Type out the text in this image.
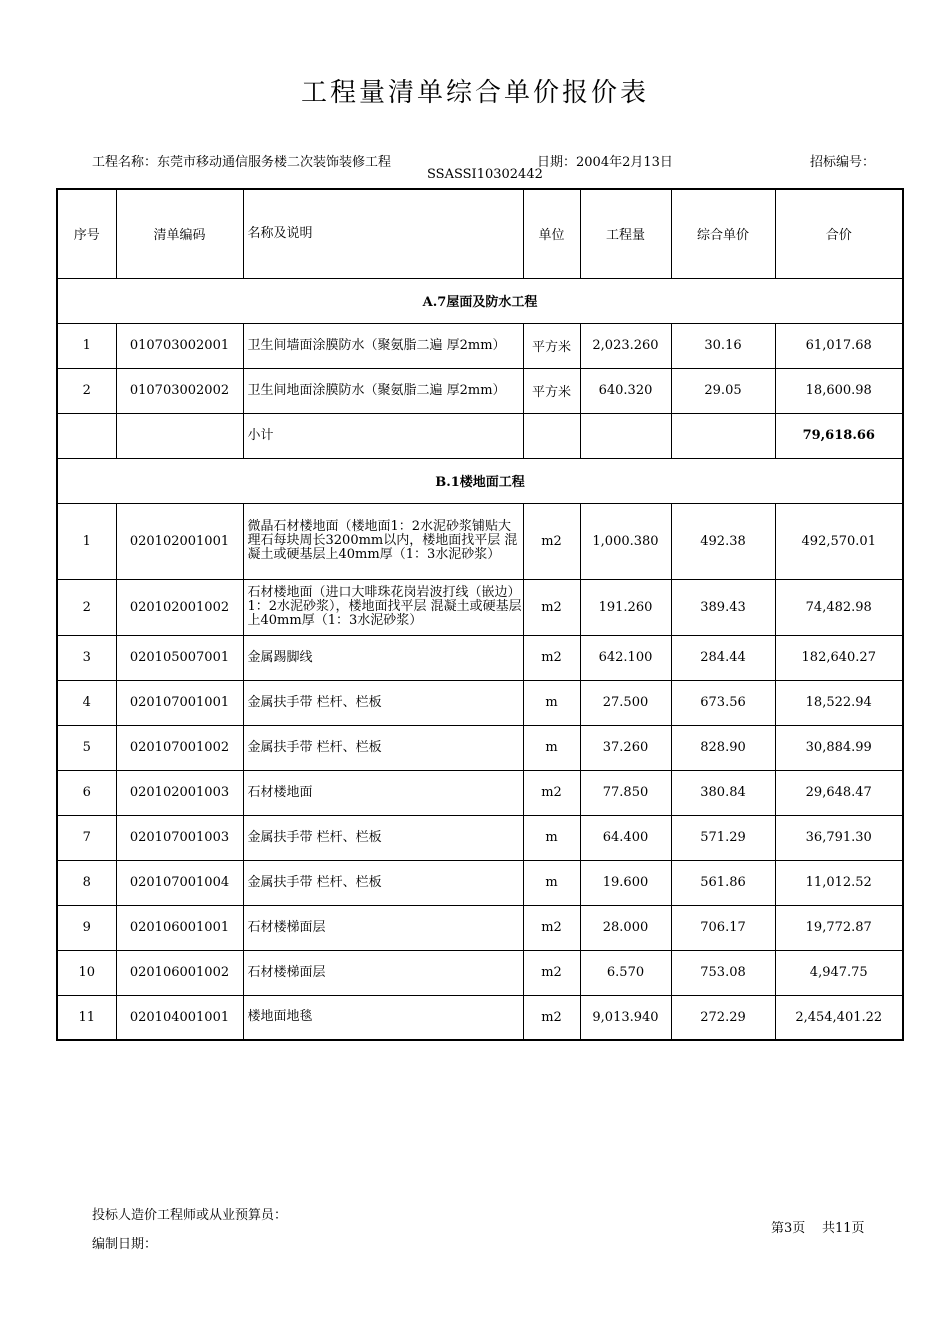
工程量清单综合单价报价表
工程名称：东莞市移动通信服务楼二次装饰装修工程	日期：2004年2月13日	招标编号：
SSASSI10302442
序号	清单编码	名称及说明	单位	工程量	综合单价	合价
A.7屋面及防水工程						
1	010703002001	卫生间墙面涂膜防水（聚氨脂二遍 厚2mm）	平方米	2,023.260	30.16	61,017.68
2	010703002002	卫生间地面涂膜防水（聚氨脂二遍 厚2mm）	平方米	640.320	29.05	18,600.98
		小计				79,618.66
B.1楼地面工程						
1	020102001001	微晶石材楼地面（楼地面1：2水泥砂浆铺贴大理石每块周长3200mm以内，楼地面找平层 混凝土或硬基层上40mm厚（1：3水泥砂浆）	m2	1,000.380	492.38	492,570.01
2	020102001002	石材楼地面（进口大啡珠花岗岩波打线（嵌边）1：2水泥砂浆），楼地面找平层 混凝土或硬基层上40mm厚（1：3水泥砂浆）	m2	191.260	389.43	74,482.98
3	020105007001	金属踢脚线	m2	642.100	284.44	182,640.27
4	020107001001	金属扶手带 栏杆、栏板	m	27.500	673.56	18,522.94
5	020107001002	金属扶手带 栏杆、栏板	m	37.260	828.90	30,884.99
6	020102001003	石材楼地面	m2	77.850	380.84	29,648.47
7	020107001003	金属扶手带 栏杆、栏板	m	64.400	571.29	36,791.30
8	020107001004	金属扶手带 栏杆、栏板	m	19.600	561.86	11,012.52
9	020106001001	石材楼梯面层	m2	28.000	706.17	19,772.87
10	020106001002	石材楼梯面层	m2	6.570	753.08	4,947.75
11	020104001001	楼地面地毯	m2	9,013.940	272.29	2,454,401.22
投标人造价工程师或从业预算员：
第3页 共11页
编制日期：
